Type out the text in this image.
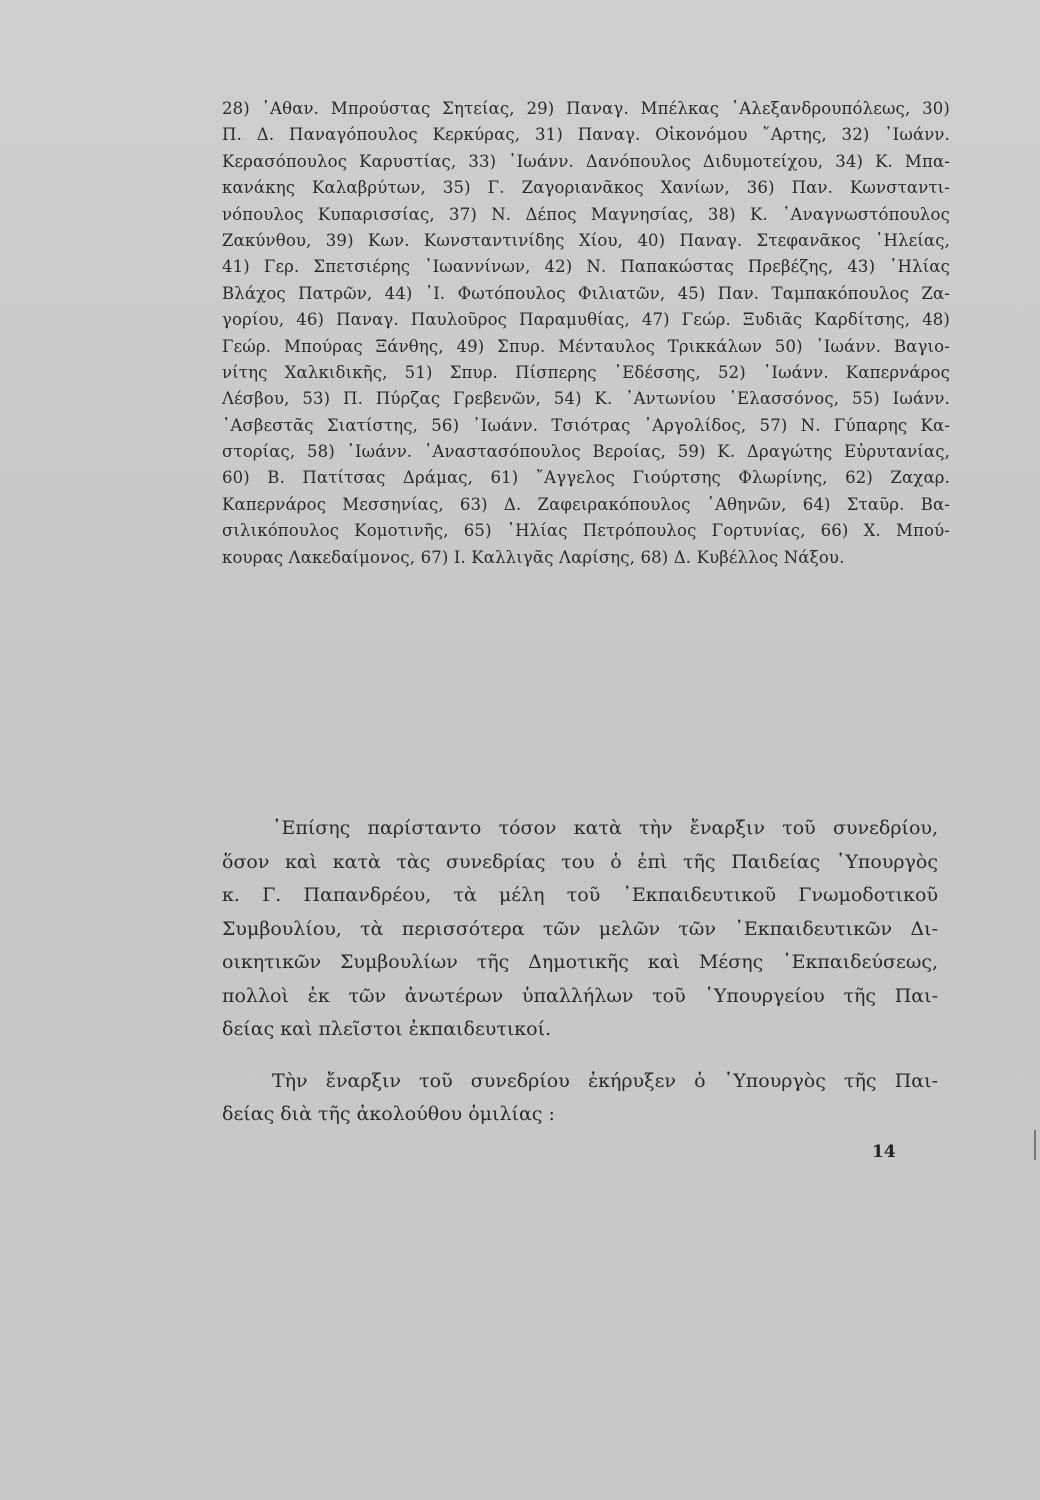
28) ᾽Αθαν. Μπρούστας Σητείας, 29) Παναγ. Μπέλκας ᾽Αλεξανδρουπόλεως, 30)
Π. Δ. Παναγόπουλος Κερκύρας, 31) Παναγ. Οἰκονόμου ῎Αρτης, 32) ᾽Ιωάνν.
Κερασόπουλος Καρυστίας, 33) ᾽Ιωάνν. Δανόπουλος Διδυμοτείχου, 34) Κ. Μπα-
κανάκης Καλαβρύτων, 35) Γ. Ζαγοριανᾶκος Χανίων, 36) Παν. Κωνσταντι-
νόπουλος Κυπαρισσίας, 37) Ν. Δέπος Μαγνησίας, 38) Κ. ᾽Αναγνωστόπουλος
Ζακύνθου, 39) Κων. Κωνσταντινίδης Χίου, 40) Παναγ. Στεφανᾶκος ᾽Ηλείας,
41) Γερ. Σπετσιέρης ᾽Ιωαννίνων, 42) Ν. Παπακώστας Πρεβέζης, 43) ᾽Ηλίας
Βλάχος Πατρῶν, 44) ᾽Ι. Φωτόπουλος Φιλιατῶν, 45) Παν. Ταμπακόπουλος Ζα-
γορίου, 46) Παναγ. Παυλοῦρος Παραμυθίας, 47) Γεώρ. Ξυδιᾶς Καρδίτσης, 48)
Γεώρ. Μπούρας Ξάνθης, 49) Σπυρ. Μένταυλος Τρικκάλων 50) ᾽Ιωάνν. Βαγιο-
νίτης Χαλκιδικῆς, 51) Σπυρ. Πίσπερης ᾽Εδέσσης, 52) ᾽Ιωάνν. Καπερνάρος
Λέσβου, 53) Π. Πύρζας Γρεβενῶν, 54) Κ. ᾽Αντωνίου ᾽Ελασσόνος, 55) Ιωάνν.
᾽Ασβεστᾶς Σιατίστης, 56) ᾽Ιωάνν. Τσιότρας ᾽Αργολίδος, 57) Ν. Γύπαρης Κα-
στορίας, 58) ᾽Ιωάνν. ᾽Αναστασόπουλος Βεροίας, 59) Κ. Δραγώτης Εὐρυτανίας,
60) Β. Πατίτσας Δράμας, 61) ῎Αγγελος Γιούρτσης Φλωρίνης, 62) Ζαχαρ.
Καπερνάρος Μεσσηνίας, 63) Δ. Ζαφειρακόπουλος ᾽Αθηνῶν, 64) Σταῦρ. Βα-
σιλικόπουλος Κομοτινῆς, 65) ᾽Ηλίας Πετρόπουλος Γορτυνίας, 66) Χ. Μπού-
κουρας Λακεδαίμονος, 67) Ι. Καλλιγᾶς Λαρίσης, 68) Δ. Κυβέλλος Νάξου.
᾽Επίσης παρίσταντο τόσον κατὰ τὴν ἔναρξιν τοῦ συνεδρίου,
ὅσον καὶ κατὰ τὰς συνεδρίας του ὁ ἐπὶ τῆς Παιδείας ῾Υπουργὸς
κ. Γ. Παπανδρέου, τὰ μέλη τοῦ ᾽Εκπαιδευτικοῦ Γνωμοδοτικοῦ
Συμβουλίου, τὰ περισσότερα τῶν μελῶν τῶν ᾽Εκπαιδευτικῶν Δι-
οικητικῶν Συμβουλίων τῆς Δημοτικῆς καὶ Μέσης ᾽Εκπαιδεύσεως,
πολλοὶ ἐκ τῶν ἀνωτέρων ὑπαλλήλων τοῦ ῾Υπουργείου τῆς Παι-
δείας καὶ πλεῖστοι ἐκπαιδευτικοί.
Τὴν ἔναρξιν τοῦ συνεδρίου ἐκήρυξεν ὁ ῾Υπουργὸς τῆς Παι-
δείας διὰ τῆς ἀκολούθου ὁμιλίας :
14
